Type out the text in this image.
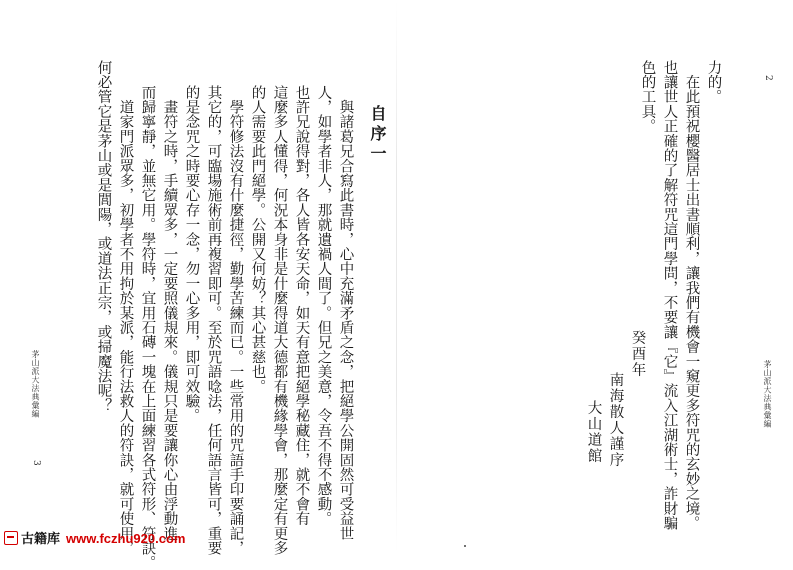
茅山派大法典彙編
2
力的。
　在此預祝櫻醫居士出書順利，讓我們有機會一窺更多符咒的玄妙之境。
也讓世人正確的了解符咒這門學問，不要讓『它』流入江湖術士，詐財騙
色的工具。
癸酉年
南海散人謹序
大山道館
自序一
　與諸葛兄合寫此書時，心中充滿矛盾之念，把絕學公開固然可受益世
人，如學者非人，那就遺禍人間了。但兄之美意，令吾不得不感動。
也許兄說得對，各人皆各安天命，如天有意把絕學秘藏住，就不會有
這麼多人懂得，何況本身非是什麼得道大德都有機緣學會，那麼定有更多
的人需要此門絕學。公開又何妨？其心甚慈也。
　學符修法沒有什麼捷徑，勤學苦練而已。一些常用的咒語手印要誦記，
其它的，可臨場施術前再複習即可。至於咒語唸法，任何語言皆可，重要
的是念咒之時要心存一念，勿一心多用，即可效驗。
　畫符之時，手續眾多，一定要照儀規來。儀規只是要讓你心由浮動進
而歸寧靜，並無它用。學符時，宜用石磚一塊在上面練習各式符形、符訣。
　道家門派眾多，初學者不用拘於某派，能行法救人的符訣，就可使用，
何必管它是茅山或是閭陽，或道法正宗，或掃魔法呢？
茅山派大法典彙編
3
古籍库 www.fczhu920.com
